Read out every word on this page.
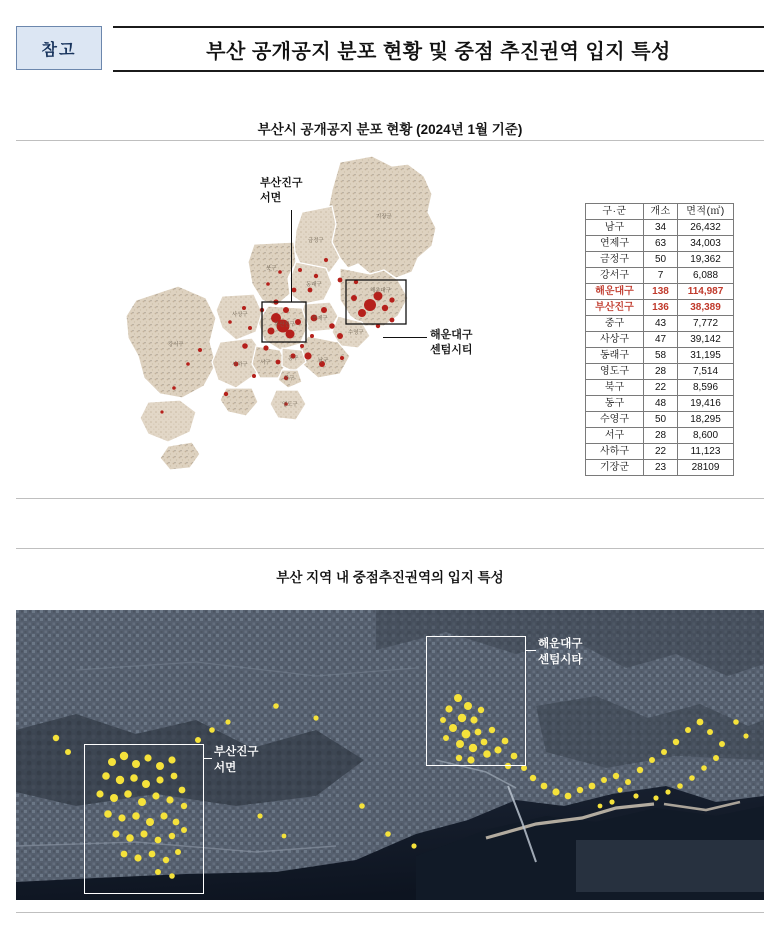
참고	부산 공개공지 분포 현황 및 중점 추진권역 입지 특성
부산시 공개공지 분포 현황 (2024년 1월 기준)
기장군
금정구
북구
동래구
해운대구
부산진구
연제구
수영구
남구
강서구
사상구
동구
중구
서구
영도구
사하구
부산진구
서면
해운대구
센텀시티
구·군	개소	면적(㎡)
남구	34	26,432
연제구	63	34,003
금정구	50	19,362
강서구	7	6,088
해운대구	138	114,987
부산진구	136	38,389
중구	43	7,772
사상구	47	39,142
동래구	58	31,195
영도구	28	7,514
북구	22	8,596
동구	48	19,416
수영구	50	18,295
서구	28	8,600
사하구	22	11,123
기장군	23	28109
부산 지역 내 중점추진권역의 입지 특성
해운대구
센텀시타
부산진구
서면
